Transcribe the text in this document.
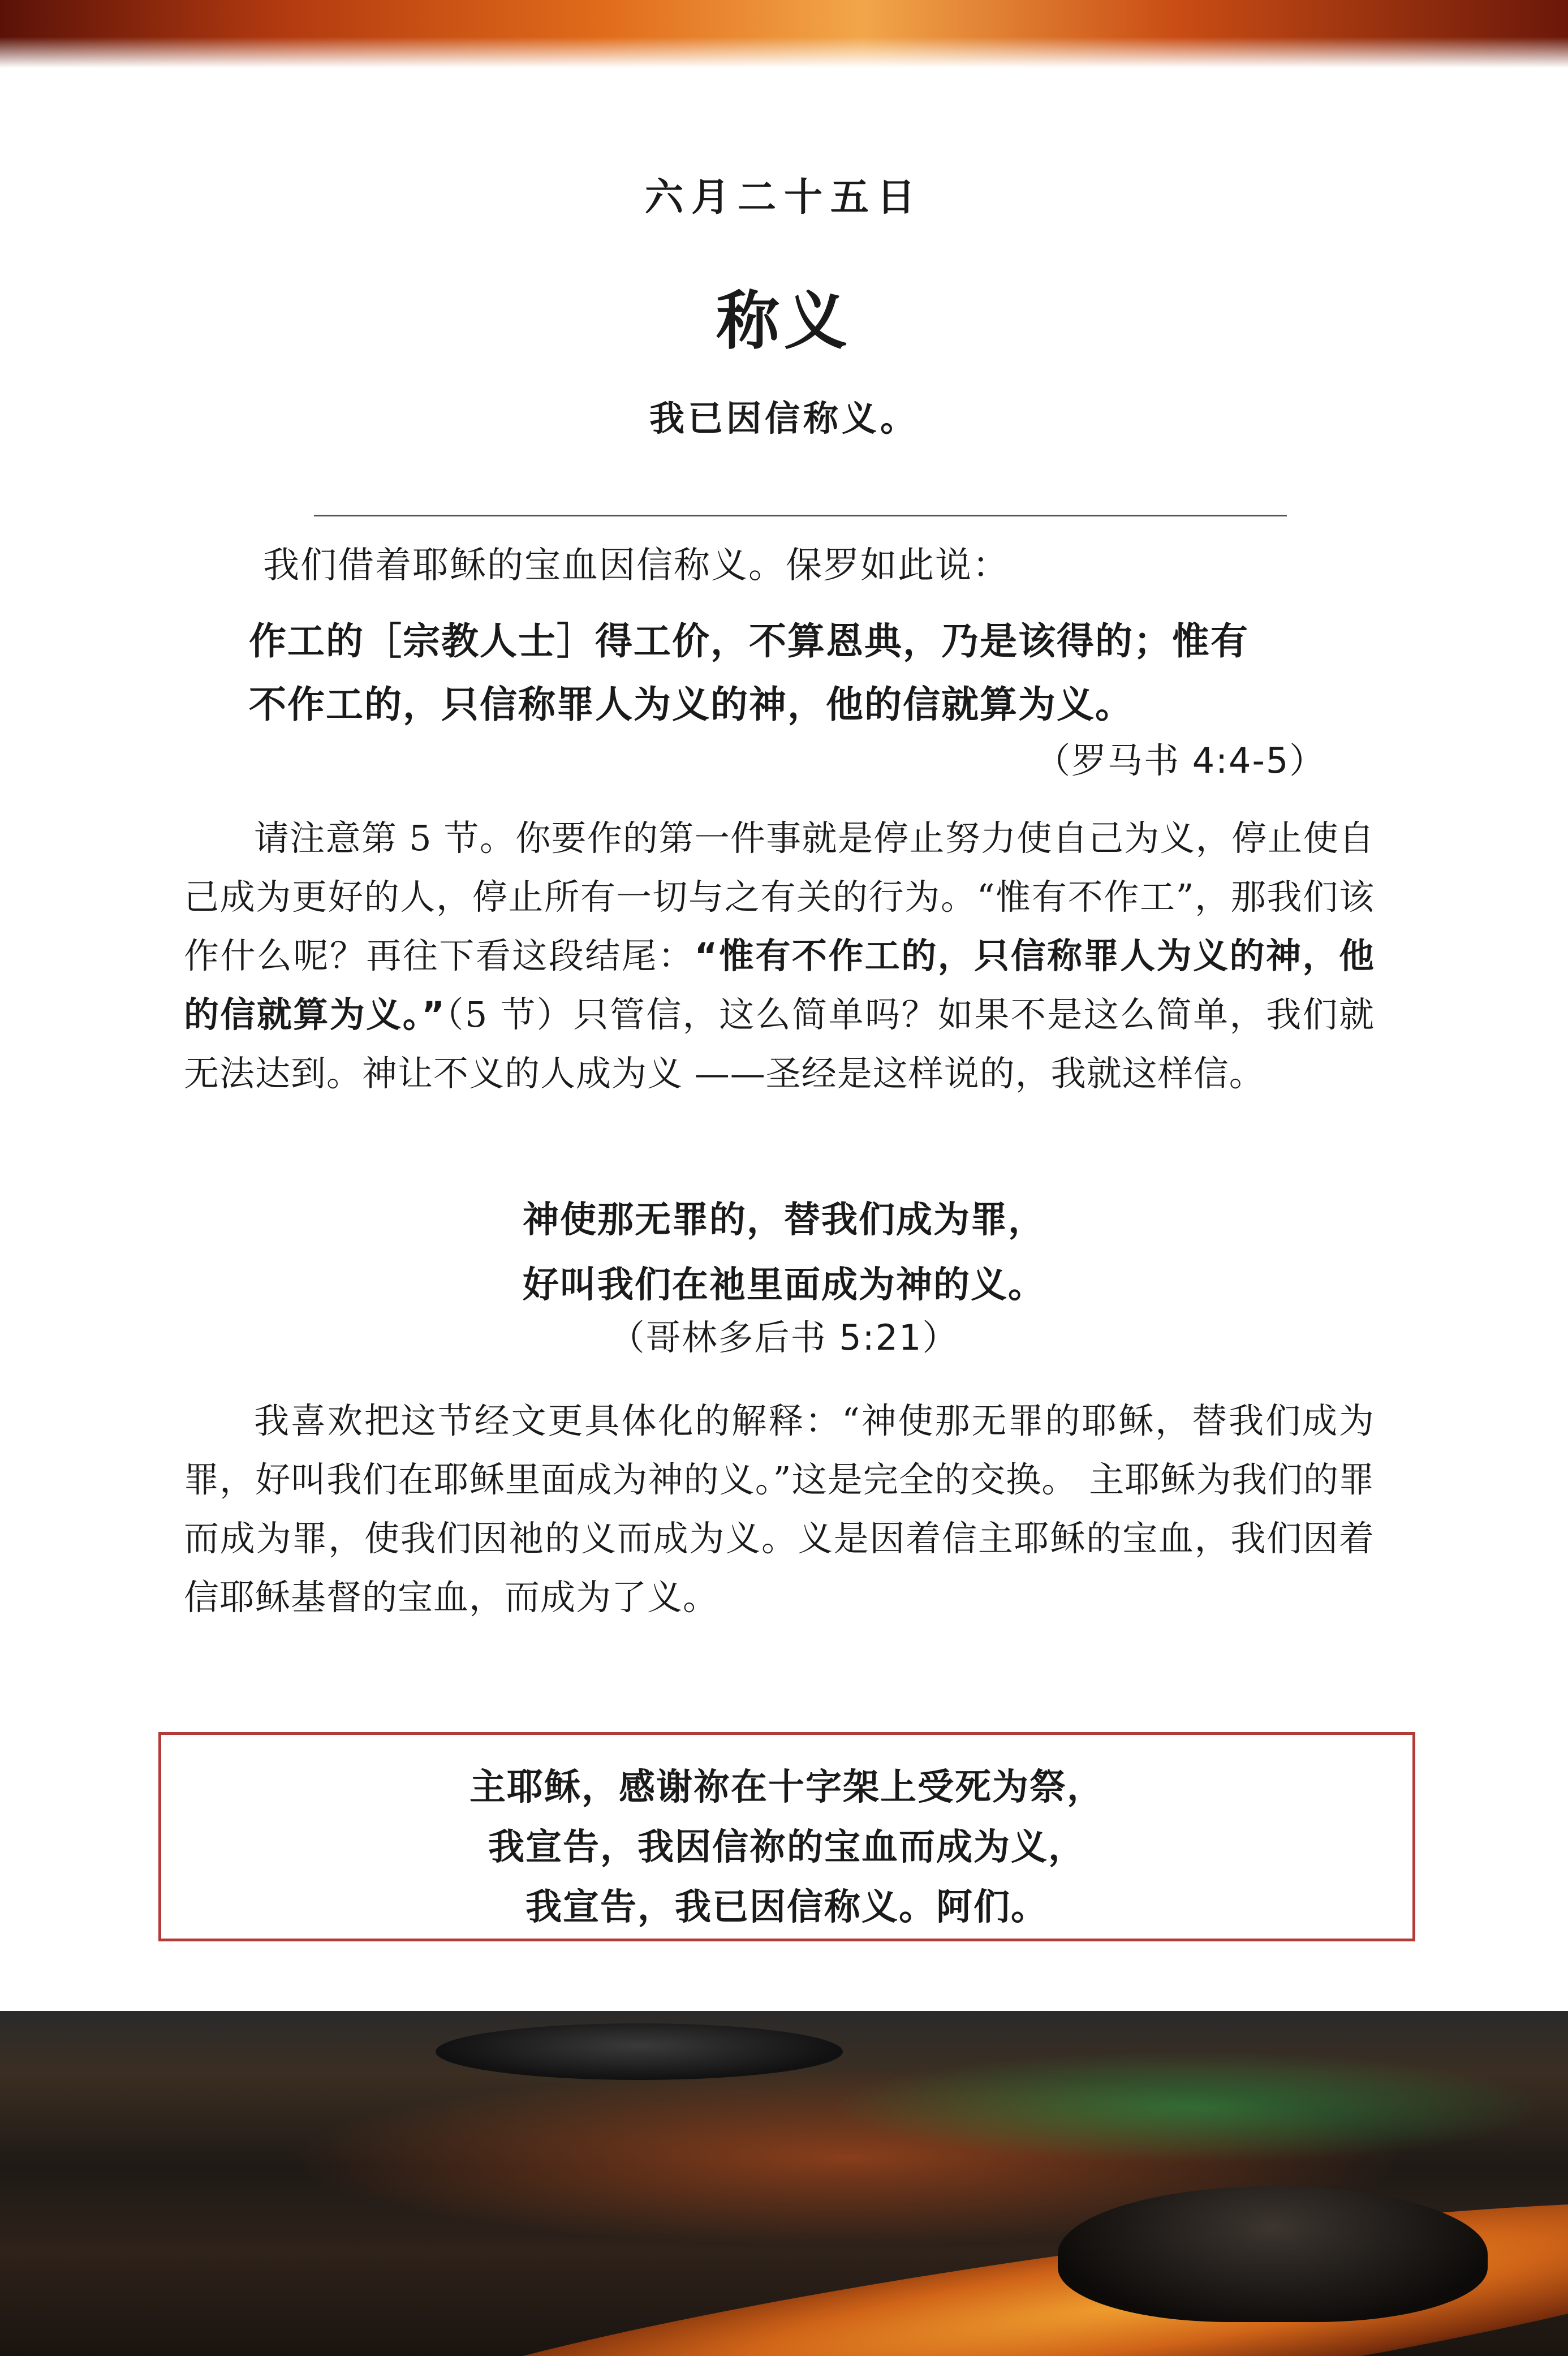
六月二十五日
称义
我已因信称义。
我们借着耶稣的宝血因信称义。保罗如此说：
作工的［宗教人士］得工价，不算恩典，乃是该得的；惟有
不作工的，只信称罪人为义的神，他的信就算为义。
（罗马书 4:4-5）
请注意第 5 节。你要作的第一件事就是停止努力使自己为义，停止使自己成为更好的人，停止所有一切与之有关的行为。“惟有不作工”，那我们该作什么呢？再往下看这段结尾：“惟有不作工的，只信称罪人为义的神，他的信就算为义。”（5 节）只管信，这么简单吗？如果不是这么简单，我们就无法达到。神让不义的人成为义 ——圣经是这样说的，我就这样信。
神使那无罪的，替我们成为罪，
好叫我们在祂里面成为神的义。
（哥林多后书 5:21）
我喜欢把这节经文更具体化的解释：“神使那无罪的耶稣，替我们成为罪，好叫我们在耶稣里面成为神的义。”这是完全的交换。 主耶稣为我们的罪而成为罪，使我们因祂的义而成为义。义是因着信主耶稣的宝血，我们因着信耶稣基督的宝血，而成为了义。
主耶稣，感谢祢在十字架上受死为祭，
我宣告，我因信祢的宝血而成为义，
我宣告，我已因信称义。阿们。
